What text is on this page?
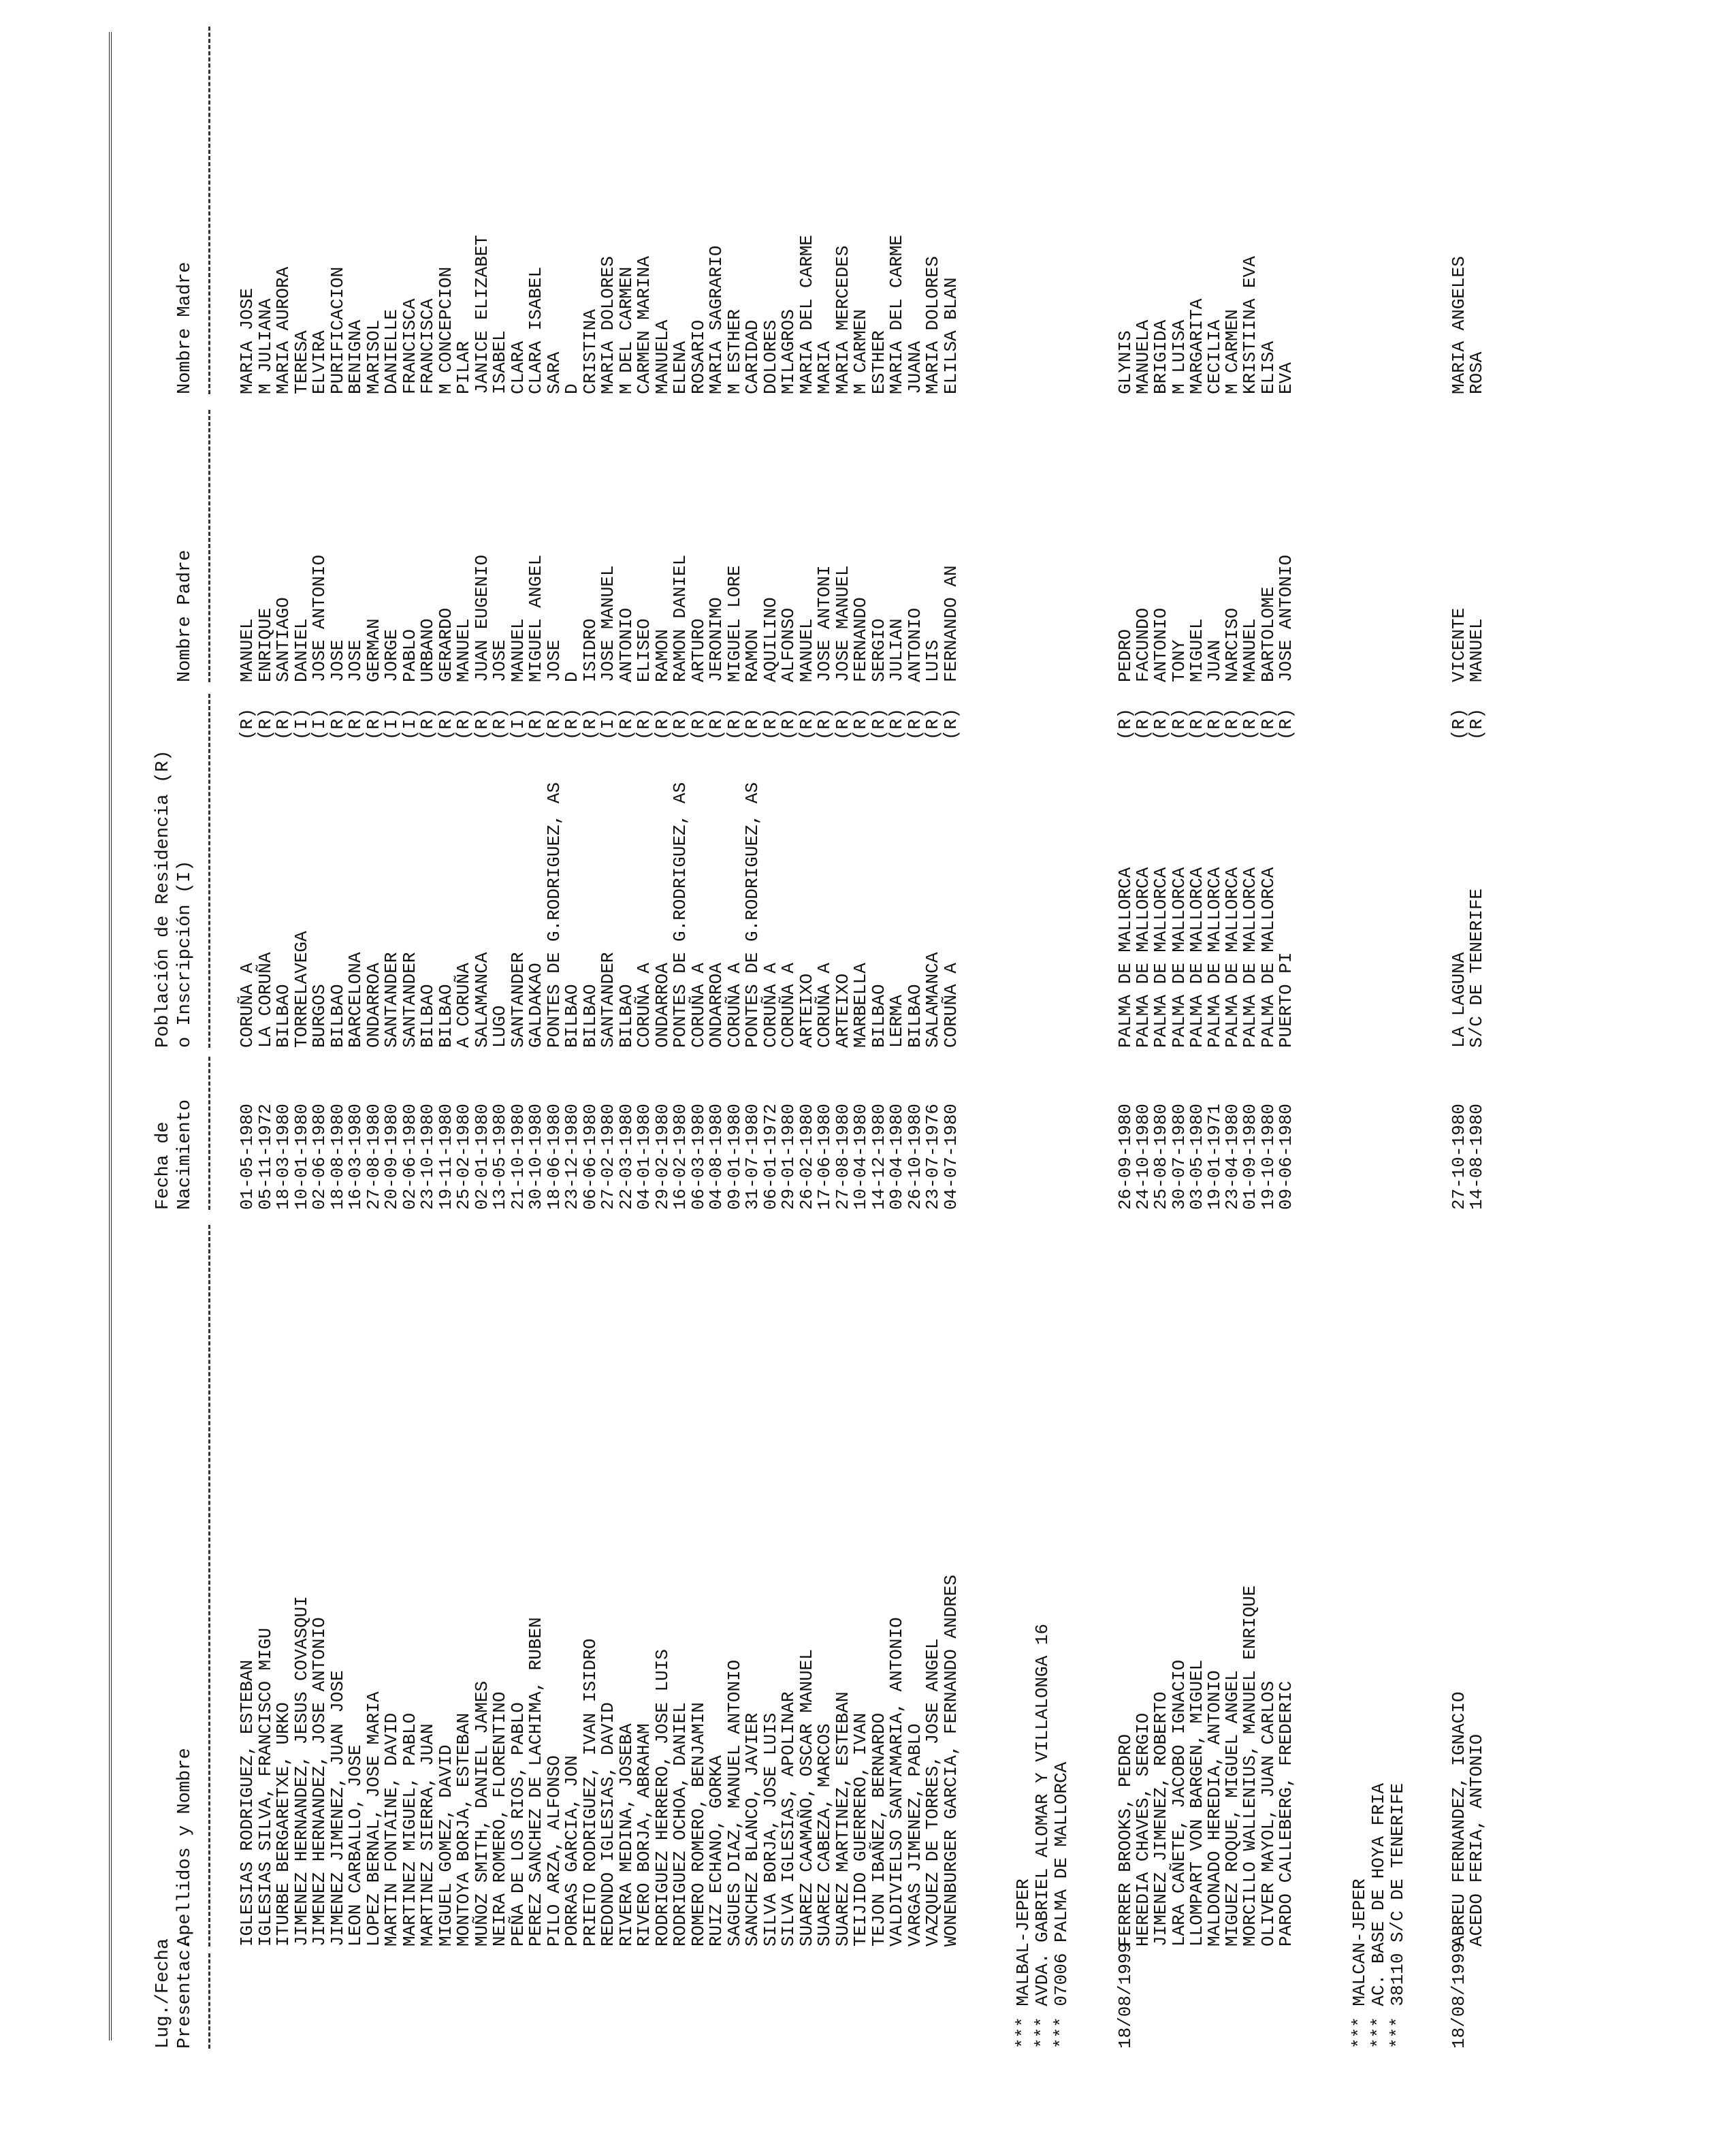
Lug./Fecha Presentac.
Apellidos y Nombre
Fecha de Nacimiento
Población de Residencia (R) o Inscripción (I)
Nombre Padre
Nombre Madre
IGLESIAS RODRIGUEZ, ESTEBAN
01-05-1980
CORUÑA A
(R)
MANUEL
MARIA JOSE
IGLESIAS SILVA, FRANCISCO MIGU
05-11-1972
LA CORUÑA
(R)
ENRIQUE
M JULIANA
ITURBE BERGARETXE, URKO
18-03-1980
BILBAO
(R)
SANTIAGO
MARIA AURORA
JIMENEZ HERNANDEZ, JESUS COVASQUI
10-01-1980
TORRELAVEGA
(I)
DANIEL
TERESA
JIMENEZ HERNANDEZ, JOSE ANTONIO
02-06-1980
BURGOS
(I)
JOSE ANTONIO
ELVIRA
JIMENEZ JIMENEZ, JUAN JOSE
18-08-1980
BILBAO
(R)
JOSE
PURIFICACION
LEON CARBALLO, JOSE
16-03-1980
BARCELONA
(R)
JOSE
BENIGNA
LOPEZ BERNAL, JOSE MARIA
27-08-1980
ONDARROA
(R)
GERMAN
MARISOL
MARTIN FONTAINE, DAVID
20-09-1980
SANTANDER
(I)
JORGE
DANIELLE
MARTINEZ MIGUEL, PABLO
02-06-1980
SANTANDER
(I)
PABLO
FRANCISCA
MARTINEZ SIERRA, JUAN
23-10-1980
BILBAO
(R)
URBANO
FRANCISCA
MIGUEL GOMEZ, DAVID
19-11-1980
BILBAO
(R)
GERARDO
M CONCEPCION
MONTOYA BORJA, ESTEBAN
25-02-1980
A CORUÑA
(R)
MANUEL
PILAR
MUÑOZ SMITH, DANIEL JAMES
02-01-1980
SALAMANCA
(R)
JUAN EUGENIO
JANICE ELIZABET
NEIRA ROMERO, FLORENTINO
13-05-1980
LUGO
(R)
JOSE
ISABEL
PEÑA DE LOS RIOS, PABLO
21-10-1980
SANTANDER
(I)
MANUEL
CLARA
PEREZ SANCHEZ DE LACHIMA, RUBEN
30-10-1980
GALDAKAO
(R)
MIGUEL ANGEL
CLARA ISABEL
PILO ARZA, ALFONSO
18-06-1980
PONTES DE G.RODRIGUEZ, AS
(R)
JOSE
SARA
PORRAS GARCIA, JON
23-12-1980
BILBAO
(R)
D
D
PRIETO RODRIGUEZ, IVAN ISIDRO
06-06-1980
BILBAO
(R)
ISIDRO
CRISTINA
REDONDO IGLESIAS, DAVID
27-02-1980
SANTANDER
(I)
JOSE MANUEL
MARIA DOLORES
RIVERA MEDINA, JOSEBA
22-03-1980
BILBAO
(R)
ANTONIO
M DEL CARMEN
RIVERO BORJA, ABRAHAM
04-01-1980
CORUÑA A
(R)
ELISEO
CARMEN MARINA
RODRIGUEZ HERRERO, JOSE LUIS
29-02-1980
ONDARROA
(R)
RAMON
MANUELA
RODRIGUEZ OCHOA, DANIEL
16-02-1980
PONTES DE G.RODRIGUEZ, AS
(R)
RAMON DANIEL
ELENA
ROMERO ROMERO, BENJAMIN
06-03-1980
CORUÑA A
(R)
ARTURO
ROSARIO
RUIZ ECHANO, GORKA
04-08-1980
ONDARROA
(R)
JERONIMO
MARIA SAGRARIO
SAGUES DIAZ, MANUEL ANTONIO
09-01-1980
CORUÑA A
(R)
MIGUEL LORE
M ESTHER
SANCHEZ BLANCO, JAVIER
31-07-1980
PONTES DE G.RODRIGUEZ, AS
(R)
RAMON
CARIDAD
SILVA BORJA, JOSE LUIS
06-01-1972
CORUÑA A
(R)
AQUILINO
DOLORES
SILVA IGLESIAS, APOLINAR
29-01-1980
CORUÑA A
(R)
ALFONSO
MILAGROS
SUAREZ CAAMAÑO, OSCAR MANUEL
26-02-1980
ARTEIXO
(R)
MANUEL
MARIA DEL CARME
SUAREZ CABEZA, MARCOS
17-06-1980
CORUÑA A
(R)
JOSE ANTONI
MARIA
SUAREZ MARTINEZ, ESTEBAN
27-08-1980
ARTEIXO
(R)
JOSE MANUEL
MARIA MERCEDES
TEIJIDO GUERRERO, IVAN
10-04-1980
MARBELLA
(R)
FERNANDO
M CARMEN
TEJON IBAÑEZ, BERNARDO
14-12-1980
BILBAO
(R)
SERGIO
ESTHER
VALDIVIELSO SANTAMARIA, ANTONIO
09-04-1980
LERMA
(R)
JULIAN
MARIA DEL CARME
VARGAS JIMENEZ, PABLO
26-10-1980
BILBAO
(R)
ANTONIO
JUANA
VAZQUEZ DE TORRES, JOSE ANGEL
23-07-1976
SALAMANCA
(R)
LUIS
MARIA DOLORES
WONENBURGER GARCIA, FERNANDO ANDRES
04-07-1980
CORUÑA A
(R)
FERNANDO AN
ELILSA BLAN
*** MALBAL-JEPER
*** AVDA. GABRIEL ALOMAR Y VILLALONGA 16
*** 07006 PALMA DE MALLORCA 18/08/1999
FERRER BROOKS, PEDRO
26-09-1980
PALMA DE MALLORCA
(R)
PEDRO
GLYNIS
HEREDIA CHAVES, SERGIO
24-10-1980
PALMA DE MALLORCA
(R)
FACUNDO
MANUELA
JIMENEZ JIMENEZ, ROBERTO
25-08-1980
PALMA DE MALLORCA
(R)
ANTONIO
BRIGIDA
LARA CAÑETE, JACOBO IGNACIO
30-07-1980
PALMA DE MALLORCA
(R)
TONY
M LUISA
LLOMPART VON BARGEN, MIGUEL
03-05-1980
PALMA DE MALLORCA
(R)
MIGUEL
MARGARITA
MALDONADO HEREDIA, ANTONIO
19-01-1971
PALMA DE MALLORCA
(R)
JUAN
CECILIA
MIGUEZ ROQUE, MIGUEL ANGEL
23-04-1980
PALMA DE MALLORCA
(R)
NARCISO
M CARMEN
MORCILLO WALLENIUS, MANUEL ENRIQUE
01-09-1980
PALMA DE MALLORCA
(R)
MANUEL
KRISTIINA EVA
OLIVER MAYOL, JUAN CARLOS
19-10-1980
PALMA DE MALLORCA
(R)
BARTOLOME
ELISA
PARDO CALLEBERG, FREDERIC
09-06-1980
PUERTO PI
(R)
JOSE ANTONIO
EVA
*** MALCAN-JEPER
*** AC. BASE DE HOYA FRIA
*** 38110 S/C DE TENERIFE 18/08/1999
ABREU FERNANDEZ, IGNACIO
27-10-1980
LA LAGUNA
(R)
VICENTE
MARIA ANGELES
ACEDO FERIA, ANTONIO
14-08-1980
S/C DE TENERIFE
(R)
MANUEL
ROSA
